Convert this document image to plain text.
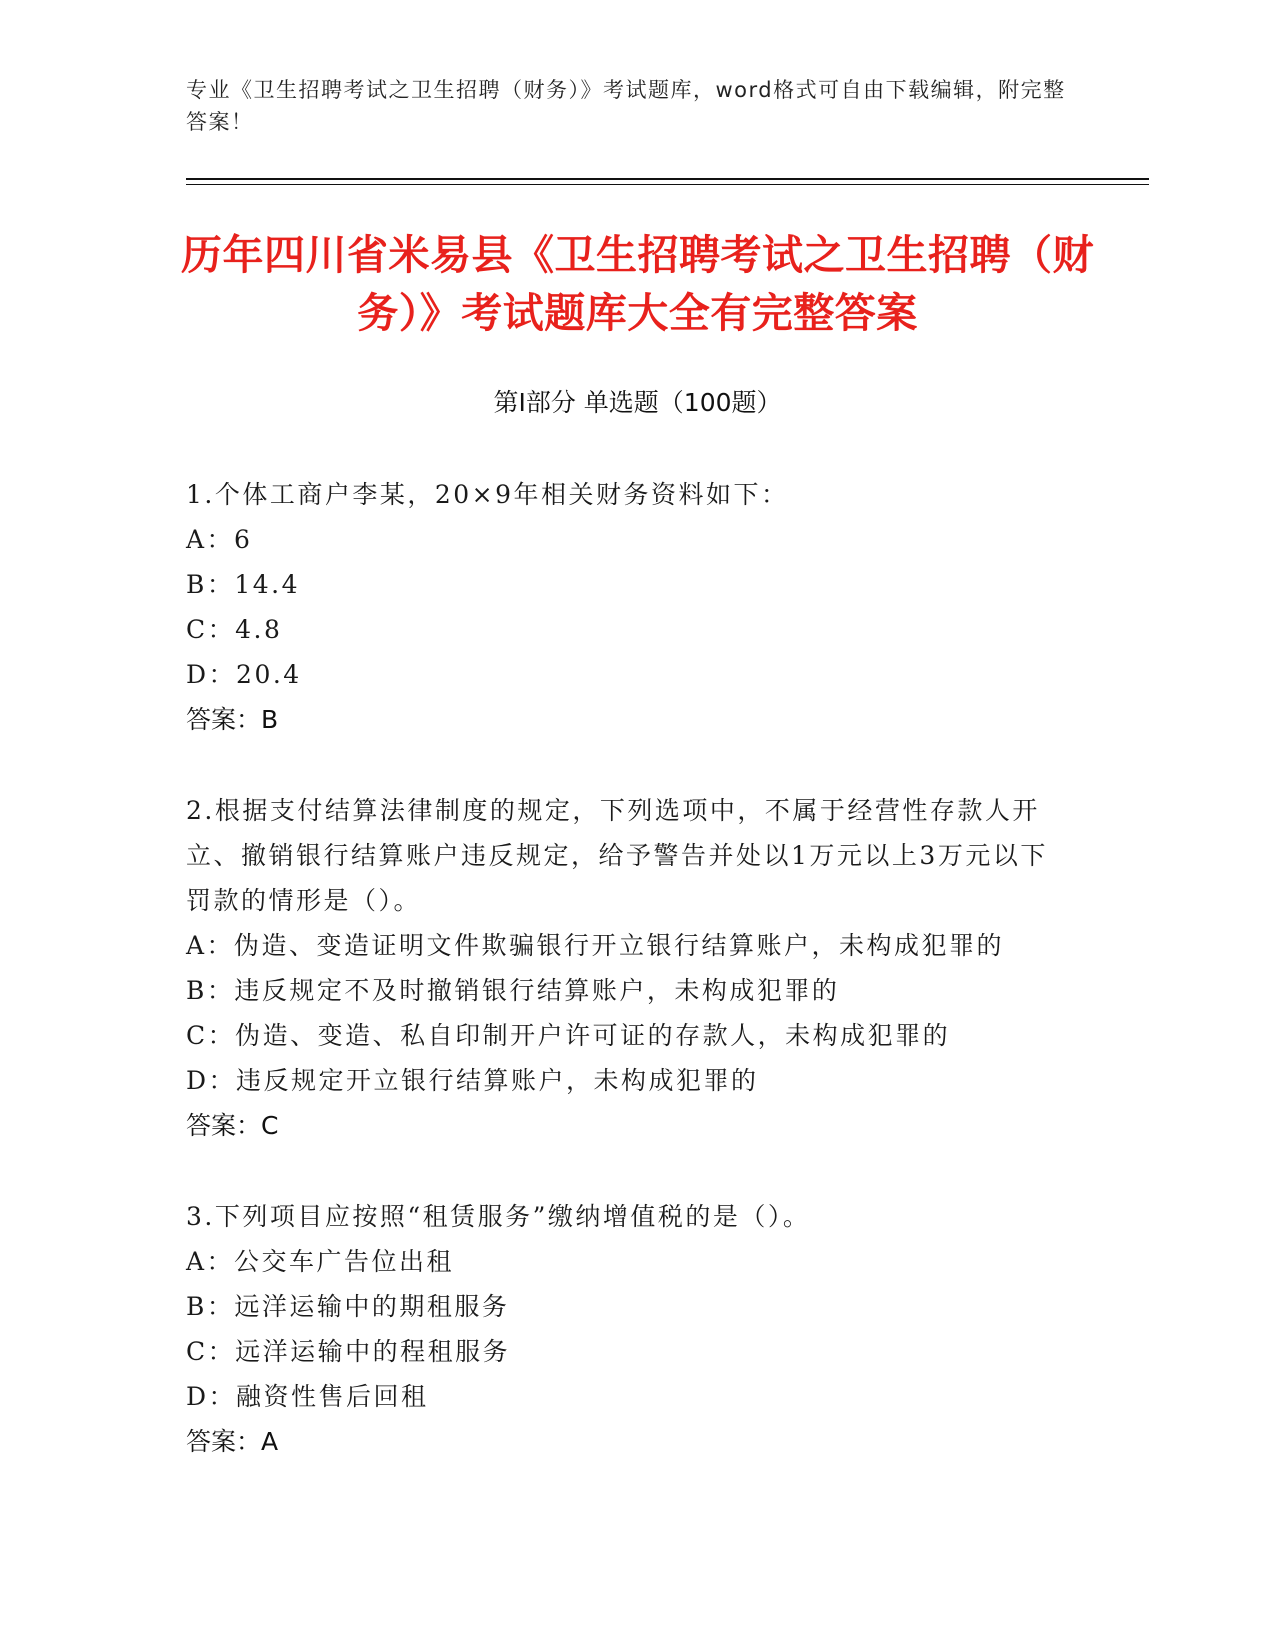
专业《卫生招聘考试之卫生招聘（财务）》考试题库，word格式可自由下载编辑，附完整答案！
历年四川省米易县《卫生招聘考试之卫生招聘（财务）》考试题库大全有完整答案
第Ⅰ部分 单选题（100题）
1.个体工商户李某，20×9年相关财务资料如下：
A：6
B：14.4
C：4.8
D：20.4
答案：B
2.根据支付结算法律制度的规定，下列选项中，不属于经营性存款人开立、撤销银行结算账户违反规定，给予警告并处以1万元以上3万元以下罚款的情形是（）。
A：伪造、变造证明文件欺骗银行开立银行结算账户，未构成犯罪的
B：违反规定不及时撤销银行结算账户，未构成犯罪的
C：伪造、变造、私自印制开户许可证的存款人，未构成犯罪的
D：违反规定开立银行结算账户，未构成犯罪的
答案：C
3.下列项目应按照“租赁服务”缴纳增值税的是（）。
A：公交车广告位出租
B：远洋运输中的期租服务
C：远洋运输中的程租服务
D：融资性售后回租
答案：A
